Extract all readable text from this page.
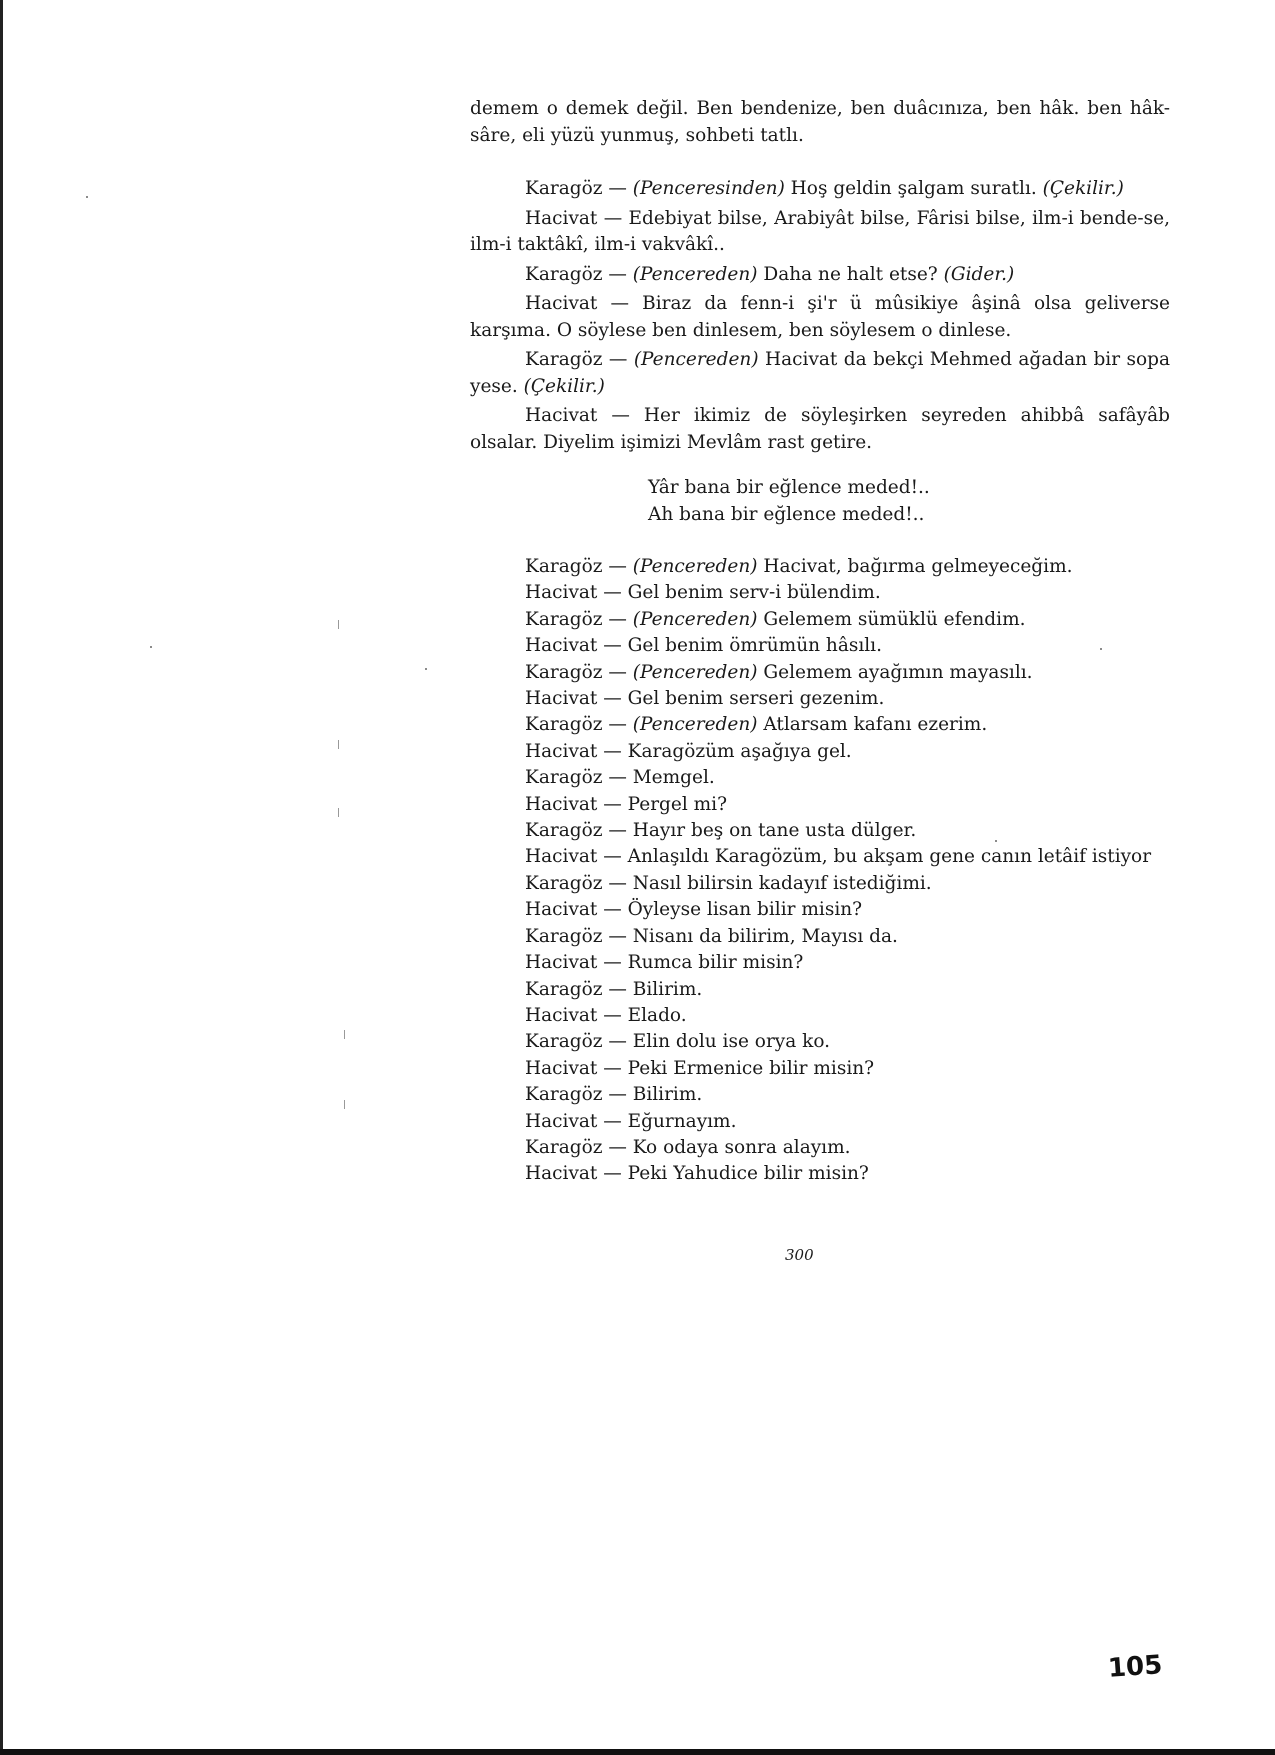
demem o demek değil. Ben bendenize, ben duâcınıza, ben hâk. ben hâk-sâre, eli yüzü yunmuş, sohbeti tatlı.

Karagöz — (Penceresinden) Hoş geldin şalgam suratlı. (Çekilir.)

Hacivat — Edebiyat bilse, Arabiyât bilse, Fârisi bilse, ilm-i bende-se, ilm-i taktâkî, ilm-i vakvâkî..

Karagöz — (Pencereden) Daha ne halt etse? (Gider.)

Hacivat — Biraz da fenn-i şi'r ü mûsikiye âşinâ olsa geliverse karşıma. O söylese ben dinlesem, ben söylesem o dinlese.

Karagöz — (Pencereden) Hacivat da bekçi Mehmed ağadan bir sopa yese. (Çekilir.)

Hacivat — Her ikimiz de söyleşirken seyreden ahibbâ safâyâb olsalar. Diyelim işimizi Mevlâm rast getire.

Yâr bana bir eğlence meded!..
Ah bana bir eğlence meded!..
Karagöz — (Pencereden) Hacivat, bağırma gelmeyeceğim.
Hacivat — Gel benim serv-i bülendim.
Karagöz — (Pencereden) Gelemem sümüklü efendim.
Hacivat — Gel benim ömrümün hâsılı.
Karagöz — (Pencereden) Gelemem ayağımın mayasılı.
Hacivat — Gel benim serseri gezenim.
Karagöz — (Pencereden) Atlarsam kafanı ezerim.
Hacivat — Karagözüm aşağıya gel.
Karagöz — Memgel.
Hacivat — Pergel mi?
Karagöz — Hayır beş on tane usta dülger.
Hacivat — Anlaşıldı Karagözüm, bu akşam gene canın letâif istiyor
Karagöz — Nasıl bilirsin kadayıf istediğimi.
Hacivat — Öyleyse lisan bilir misin?
Karagöz — Nisanı da bilirim, Mayısı da.
Hacivat — Rumca bilir misin?
Karagöz — Bilirim.
Hacivat — Elado.
Karagöz — Elin dolu ise orya ko.
Hacivat — Peki Ermenice bilir misin?
Karagöz — Bilirim.
Hacivat — Eğurnayım.
Karagöz — Ko odaya sonra alayım.
Hacivat — Peki Yahudice bilir misin?
300
105
